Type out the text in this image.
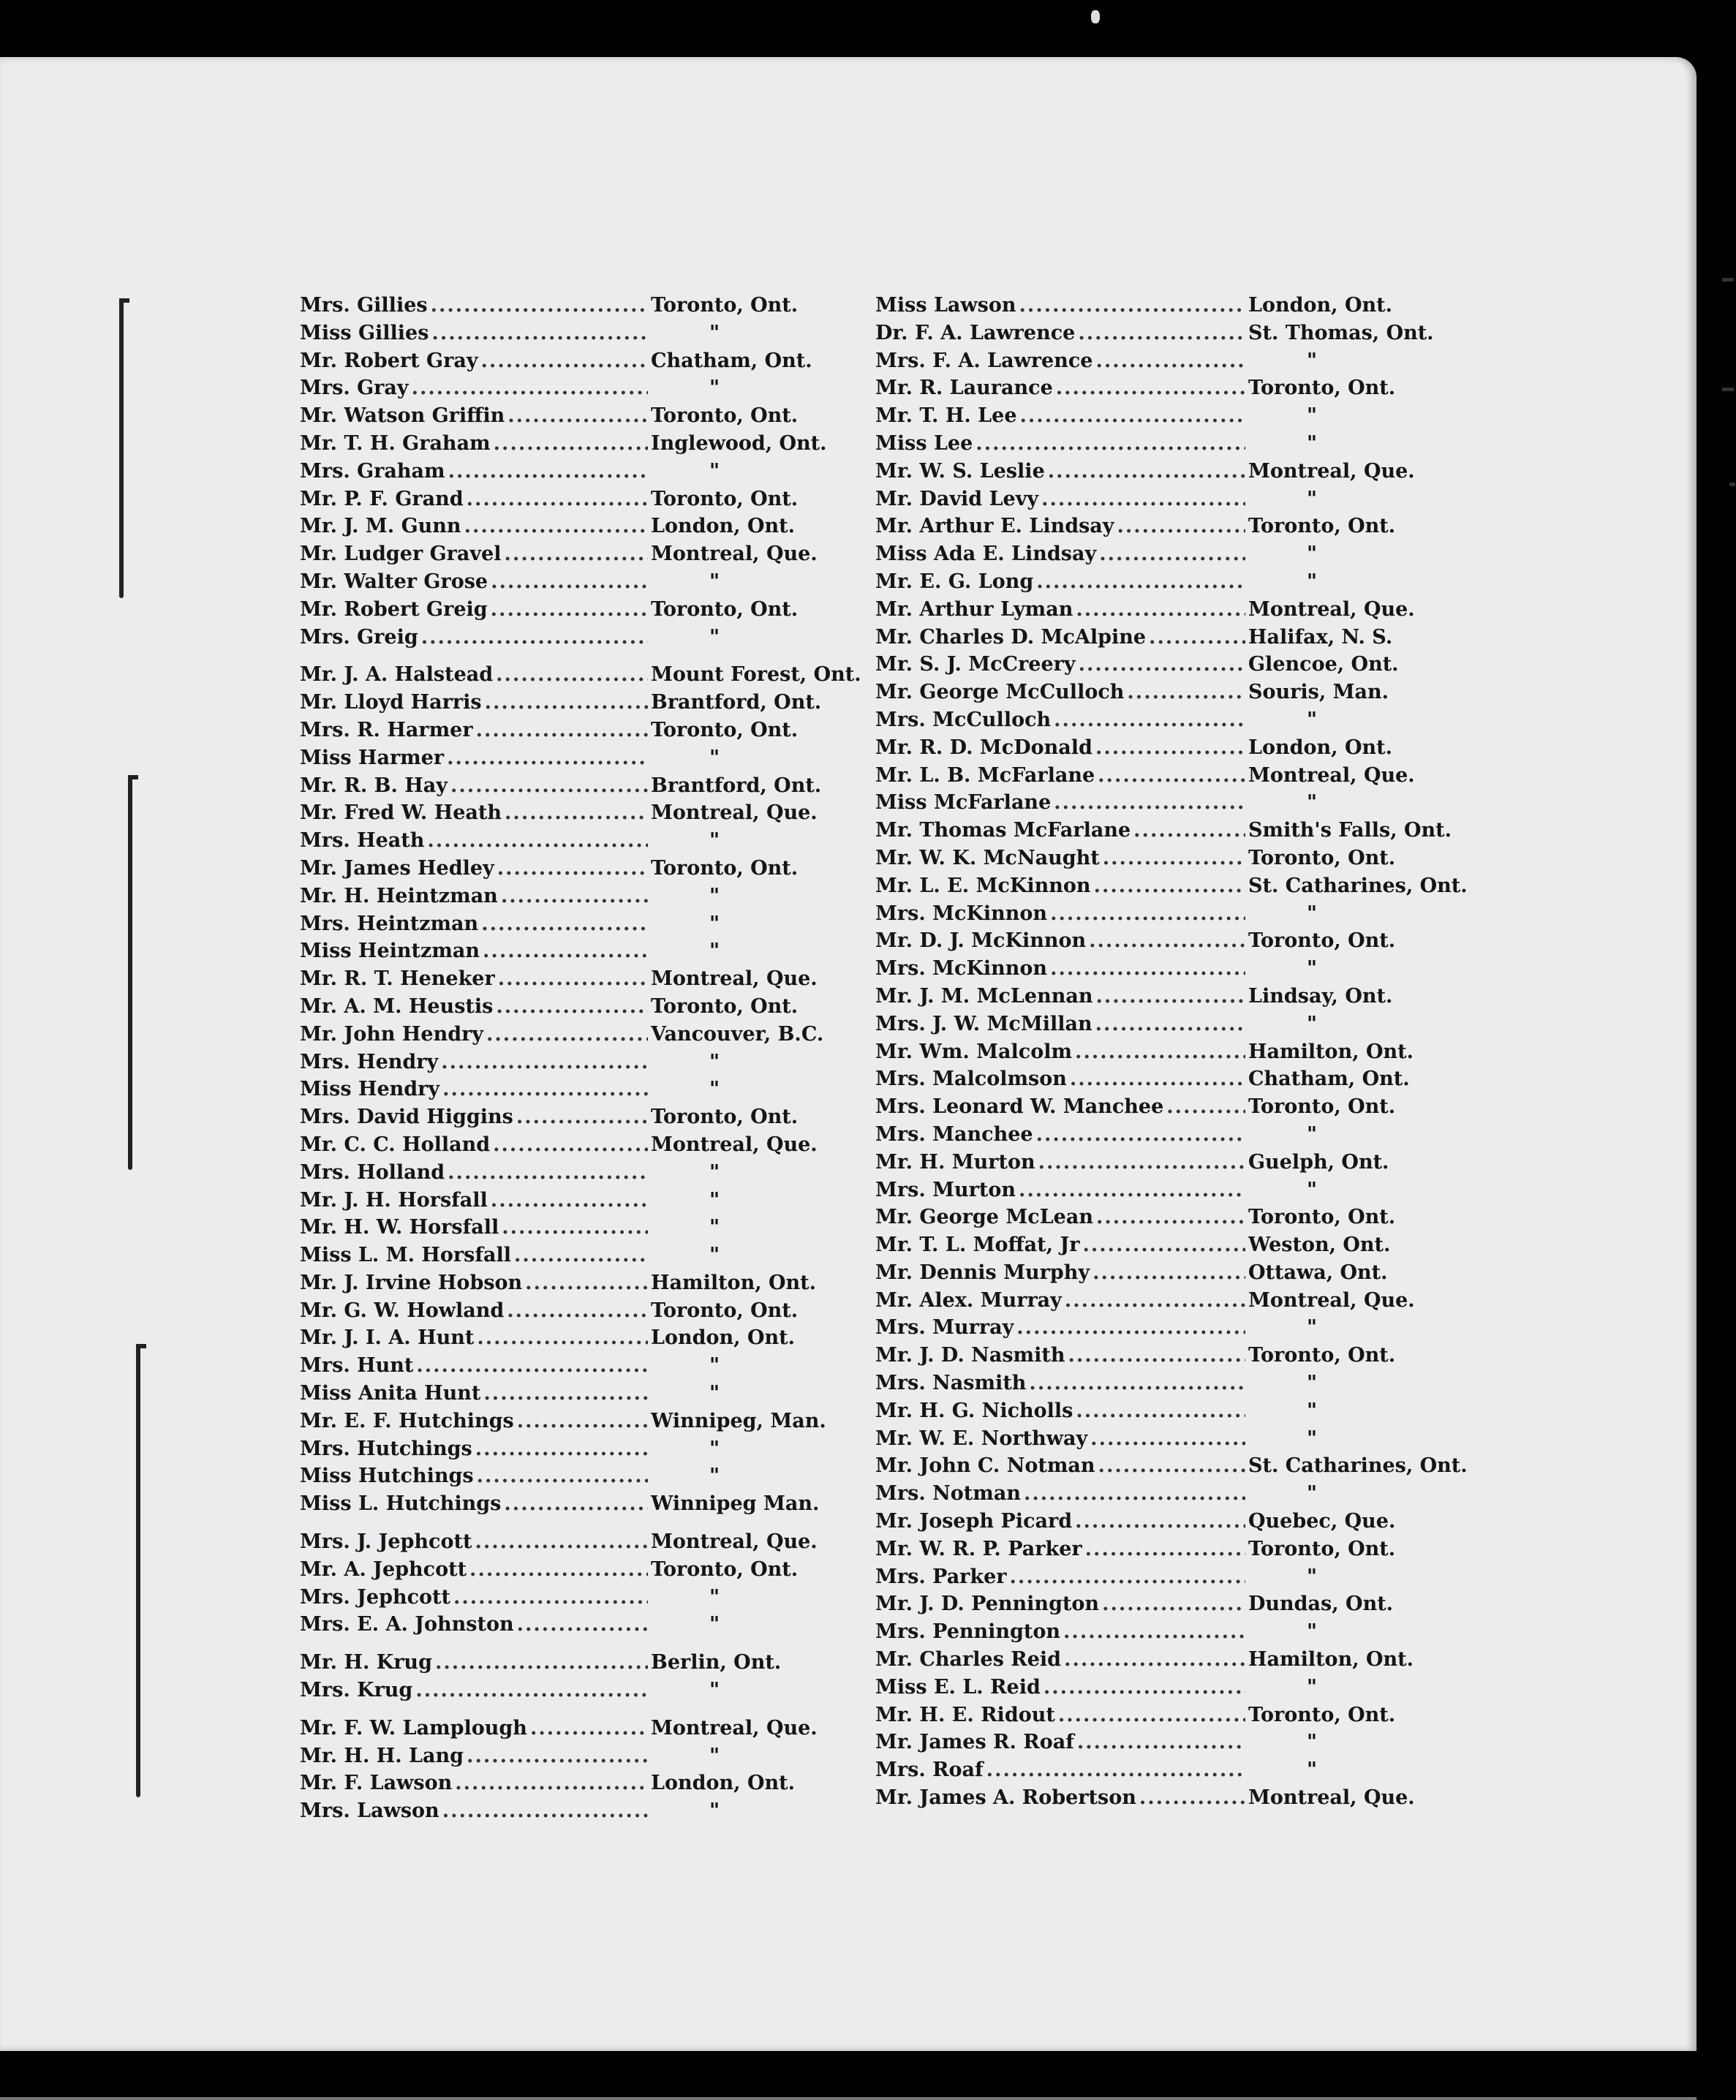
Mrs. Gillies .....	Toronto, Ont.
Miss Gillies .....	"
Mr. Robert Gray .....	Chatham, Ont.
Mrs. Gray .....	"
Mr. Watson Griffin .....	Toronto, Ont.
Mr. T. H. Graham .....	Inglewood, Ont.
Mrs. Graham .....	"
Mr. P. F. Grand .....	Toronto, Ont.
Mr. J. M. Gunn .....	London, Ont.
Mr. Ludger Gravel .....	Montreal, Que.
Mr. Walter Grose .....	"
Mr. Robert Greig .....	Toronto, Ont.
Mrs. Greig .....	"
Mr. J. A. Halstead .....	Mount Forest, Ont.
Mr. Lloyd Harris .....	Brantford, Ont.
Mrs. R. Harmer .....	Toronto, Ont.
Miss Harmer .....	"
Mr. R. B. Hay .....	Brantford, Ont.
Mr. Fred W. Heath .....	Montreal, Que.
Mrs. Heath .....	"
Mr. James Hedley .....	Toronto, Ont.
Mr. H. Heintzman .....	"
Mrs. Heintzman .....	"
Miss Heintzman .....	"
Mr. R. T. Heneker .....	Montreal, Que.
Mr. A. M. Heustis .....	Toronto, Ont.
Mr. John Hendry .....	Vancouver, B.C.
Mrs. Hendry .....	"
Miss Hendry .....	"
Mrs. David Higgins .....	Toronto, Ont.
Mr. C. C. Holland .....	Montreal, Que.
Mrs. Holland .....	"
Mr. J. H. Horsfall .....	"
Mr. H. W. Horsfall .....	"
Miss L. M. Horsfall .....	"
Mr. J. Irvine Hobson .....	Hamilton, Ont.
Mr. G. W. Howland .....	Toronto, Ont.
Mr. J. I. A. Hunt .....	London, Ont.
Mrs. Hunt .....	"
Miss Anita Hunt .....	"
Mr. E. F. Hutchings .....	Winnipeg, Man.
Mrs. Hutchings .....	"
Miss Hutchings .....	"
Miss L. Hutchings .....	Winnipeg Man.
Mrs. J. Jephcott .....	Montreal, Que.
Mr. A. Jephcott .....	Toronto, Ont.
Mrs. Jephcott .....	"
Mrs. E. A. Johnston .....	"
Mr. H. Krug .....	Berlin, Ont.
Mrs. Krug .....	"
Mr. F. W. Lamplough .....	Montreal, Que.
Mr. H. H. Lang .....	"
Mr. F. Lawson .....	London, Ont.
Mrs. Lawson .....	"
Miss Lawson .....	London, Ont.
Dr. F. A. Lawrence .....	St. Thomas, Ont.
Mrs. F. A. Lawrence .....	"
Mr. R. Laurance .....	Toronto, Ont.
Mr. T. H. Lee .....	"
Miss Lee .....	"
Mr. W. S. Leslie .....	Montreal, Que.
Mr. David Levy .....	"
Mr. Arthur E. Lindsay .....	Toronto, Ont.
Miss Ada E. Lindsay .....	"
Mr. E. G. Long .....	"
Mr. Arthur Lyman .....	Montreal, Que.
Mr. Charles D. McAlpine .....	Halifax, N. S.
Mr. S. J. McCreery .....	Glencoe, Ont.
Mr. George McCulloch .....	Souris, Man.
Mrs. McCulloch .....	"
Mr. R. D. McDonald .....	London, Ont.
Mr. L. B. McFarlane .....	Montreal, Que.
Miss McFarlane .....	"
Mr. Thomas McFarlane .....	Smith's Falls, Ont.
Mr. W. K. McNaught .....	Toronto, Ont.
Mr. L. E. McKinnon .....	St. Catharines, Ont.
Mrs. McKinnon .....	"
Mr. D. J. McKinnon .....	Toronto, Ont.
Mrs. McKinnon .....	"
Mr. J. M. McLennan .....	Lindsay, Ont.
Mrs. J. W. McMillan .....	"
Mr. Wm. Malcolm .....	Hamilton, Ont.
Mrs. Malcolmson .....	Chatham, Ont.
Mrs. Leonard W. Manchee .....	Toronto, Ont.
Mrs. Manchee .....	"
Mr. H. Murton .....	Guelph, Ont.
Mrs. Murton .....	"
Mr. George McLean .....	Toronto, Ont.
Mr. T. L. Moffat, Jr .....	Weston, Ont.
Mr. Dennis Murphy .....	Ottawa, Ont.
Mr. Alex. Murray .....	Montreal, Que.
Mrs. Murray .....	"
Mr. J. D. Nasmith .....	Toronto, Ont.
Mrs. Nasmith .....	"
Mr. H. G. Nicholls .....	"
Mr. W. E. Northway .....	"
Mr. John C. Notman .....	St. Catharines, Ont.
Mrs. Notman .....	"
Mr. Joseph Picard .....	Quebec, Que.
Mr. W. R. P. Parker .....	Toronto, Ont.
Mrs. Parker .....	"
Mr. J. D. Pennington .....	Dundas, Ont.
Mrs. Pennington .....	"
Mr. Charles Reid .....	Hamilton, Ont.
Miss E. L. Reid .....	"
Mr. H. E. Ridout .....	Toronto, Ont.
Mr. James R. Roaf .....	"
Mrs. Roaf .....	"
Mr. James A. Robertson .....	Montreal, Que.
